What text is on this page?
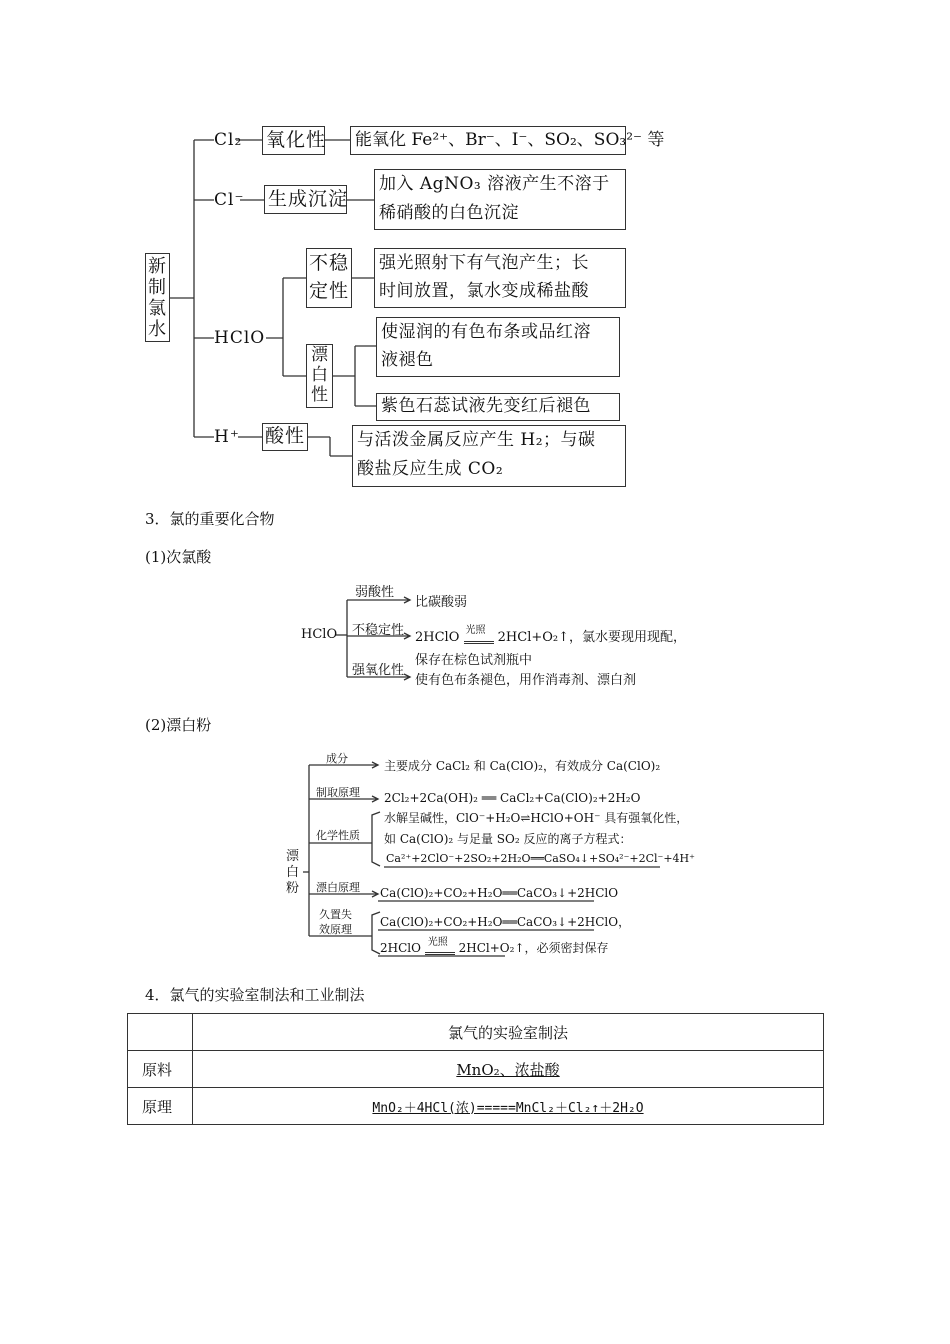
新制氯水
Cl₂ 氧化性 能氧化 Fe²⁺、Br⁻、I⁻、SO₂、SO₃²⁻ 等
Cl⁻ 生成沉淀
加入 AgNO₃ 溶液产生不溶于
稀硝酸的白色沉淀
HClO
不稳
定性
强光照射下有气泡产生；长
时间放置，氯水变成稀盐酸
漂
白
性
使湿润的有色布条或品红溶
液褪色
紫色石蕊试液先变红后褪色
H⁺ 酸性	与活泼金属反应产生 H₂；与碳
酸盐反应生成 CO₂
3．氯的重要化合物
(1)次氯酸
HClO
弱酸性
比碳酸弱
不稳定性 2HClO 光照 2HCl+O₂↑，氯水要现用现配，
强氧化性
保存在棕色试剂瓶中
使有色布条褪色，用作消毒剂、漂白剂
(2)漂白粉
漂白粉
成分
主要成分 CaCl₂ 和 Ca(ClO)₂，有效成分 Ca(ClO)₂
制取原理 2Cl₂+2Ca(OH)₂ ══ CaCl₂+Ca(ClO)₂+2H₂O
化学性质
水解呈碱性，ClO⁻+H₂O⇌HClO+OH⁻ 具有强氧化性，
如 Ca(ClO)₂ 与足量 SO₂ 反应的离子方程式：
Ca²⁺+2ClO⁻+2SO₂+2H₂O══CaSO₄↓+SO₄²⁻+2Cl⁻+4H⁺
漂白原理 Ca(ClO)₂+CO₂+H₂O══CaCO₃↓+2HClO
久置失
效原理
Ca(ClO)₂+CO₂+H₂O══CaCO₃↓+2HClO，
2HClO 光照 2HCl+O₂↑，必须密封保存
4．氯气的实验室制法和工业制法
	氯气的实验室制法
原料	MnO₂、浓盐酸
原理	MnO₂＋4HCl(浓)=====MnCl₂＋Cl₂↑＋2H₂O
